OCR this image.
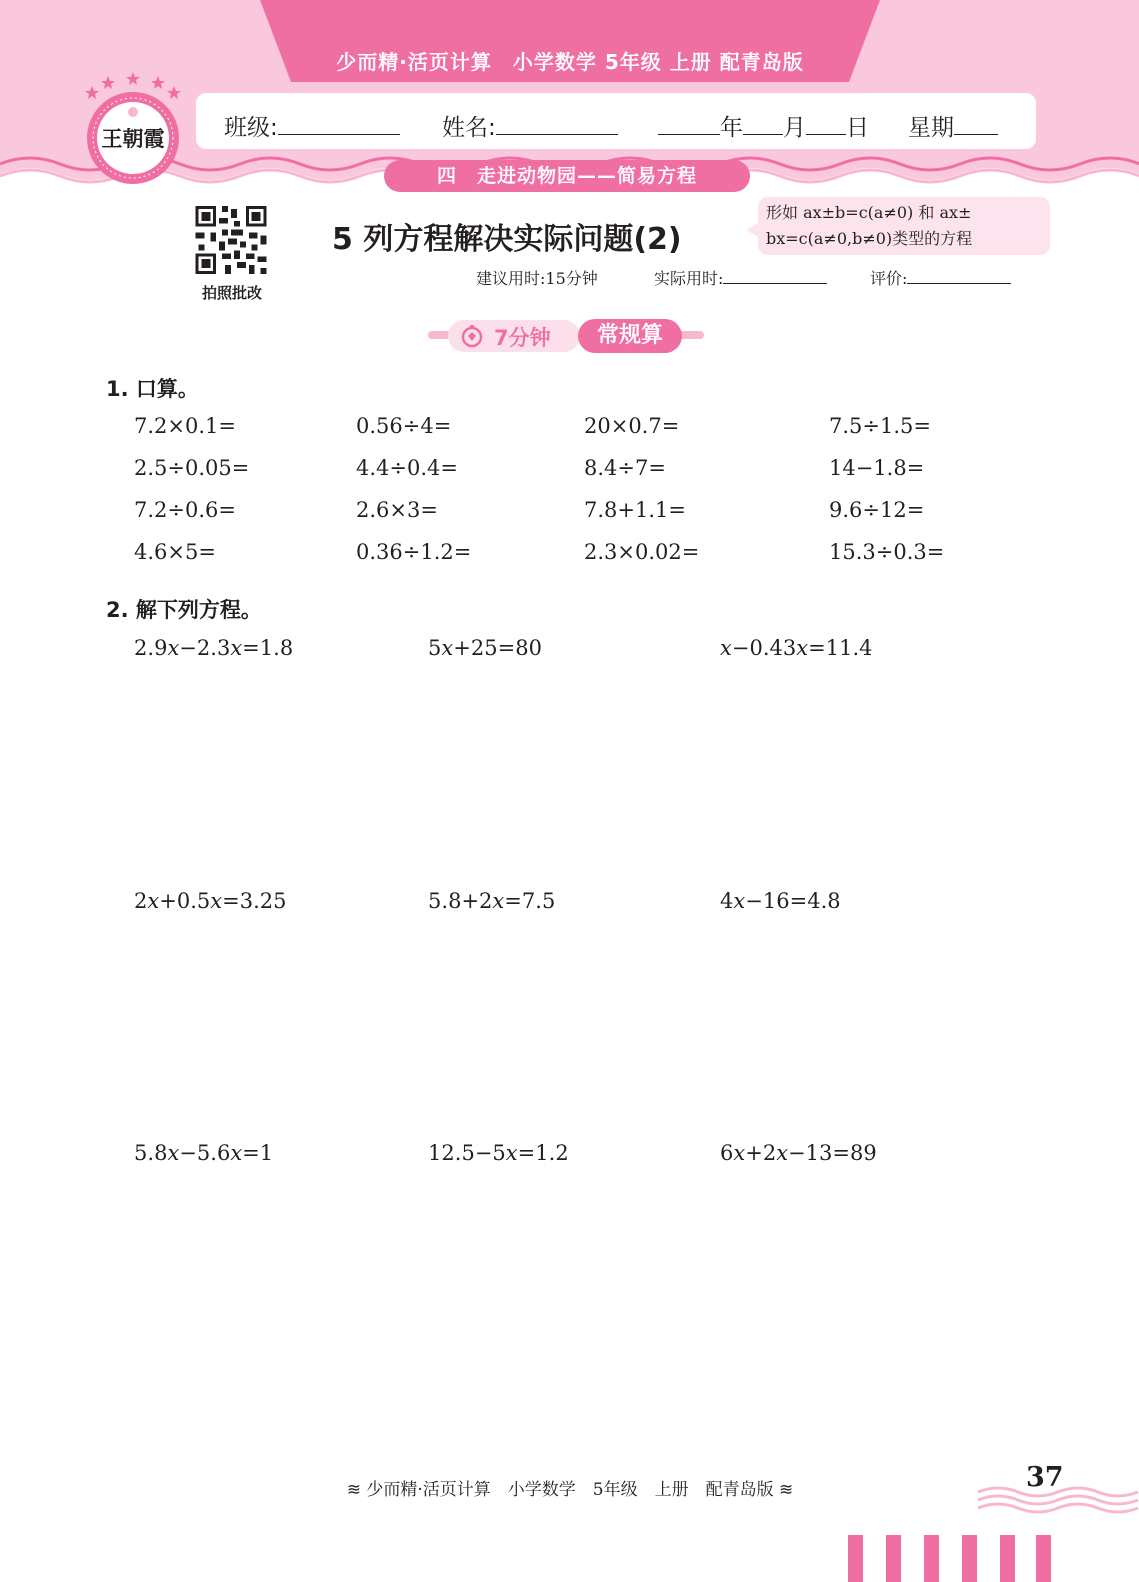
少而精·活页计算　小学数学 5年级 上册 配青岛版
班级:	姓名:	年 月 日 星期
王朝霞
四　走进动物园——简易方程
拍照批改
5 列方程解决实际问题(2)
形如 ax±b=c(a≠0) 和 ax±
bx=c(a≠0,b≠0)类型的方程
建议用时:15分钟	实际用时:	评价:
7分钟	常规算
1. 口算。
7.2×0.1=	0.56÷4=	20×0.7=	7.5÷1.5=
2.5÷0.05=	4.4÷0.4=	8.4÷7=	14−1.8=
7.2÷0.6=	2.6×3=	7.8+1.1=	9.6÷12=
4.6×5=	0.36÷1.2=	2.3×0.02=	15.3÷0.3=
2. 解下列方程。
2.9x−2.3x=1.8	5x+25=80	x−0.43x=11.4
2x+0.5x=3.25	5.8+2x=7.5	4x−16=4.8
5.8x−5.6x=1	12.5−5x=1.2	6x+2x−13=89
≋ 少而精·活页计算　小学数学　5年级　上册　配青岛版 ≋	37
